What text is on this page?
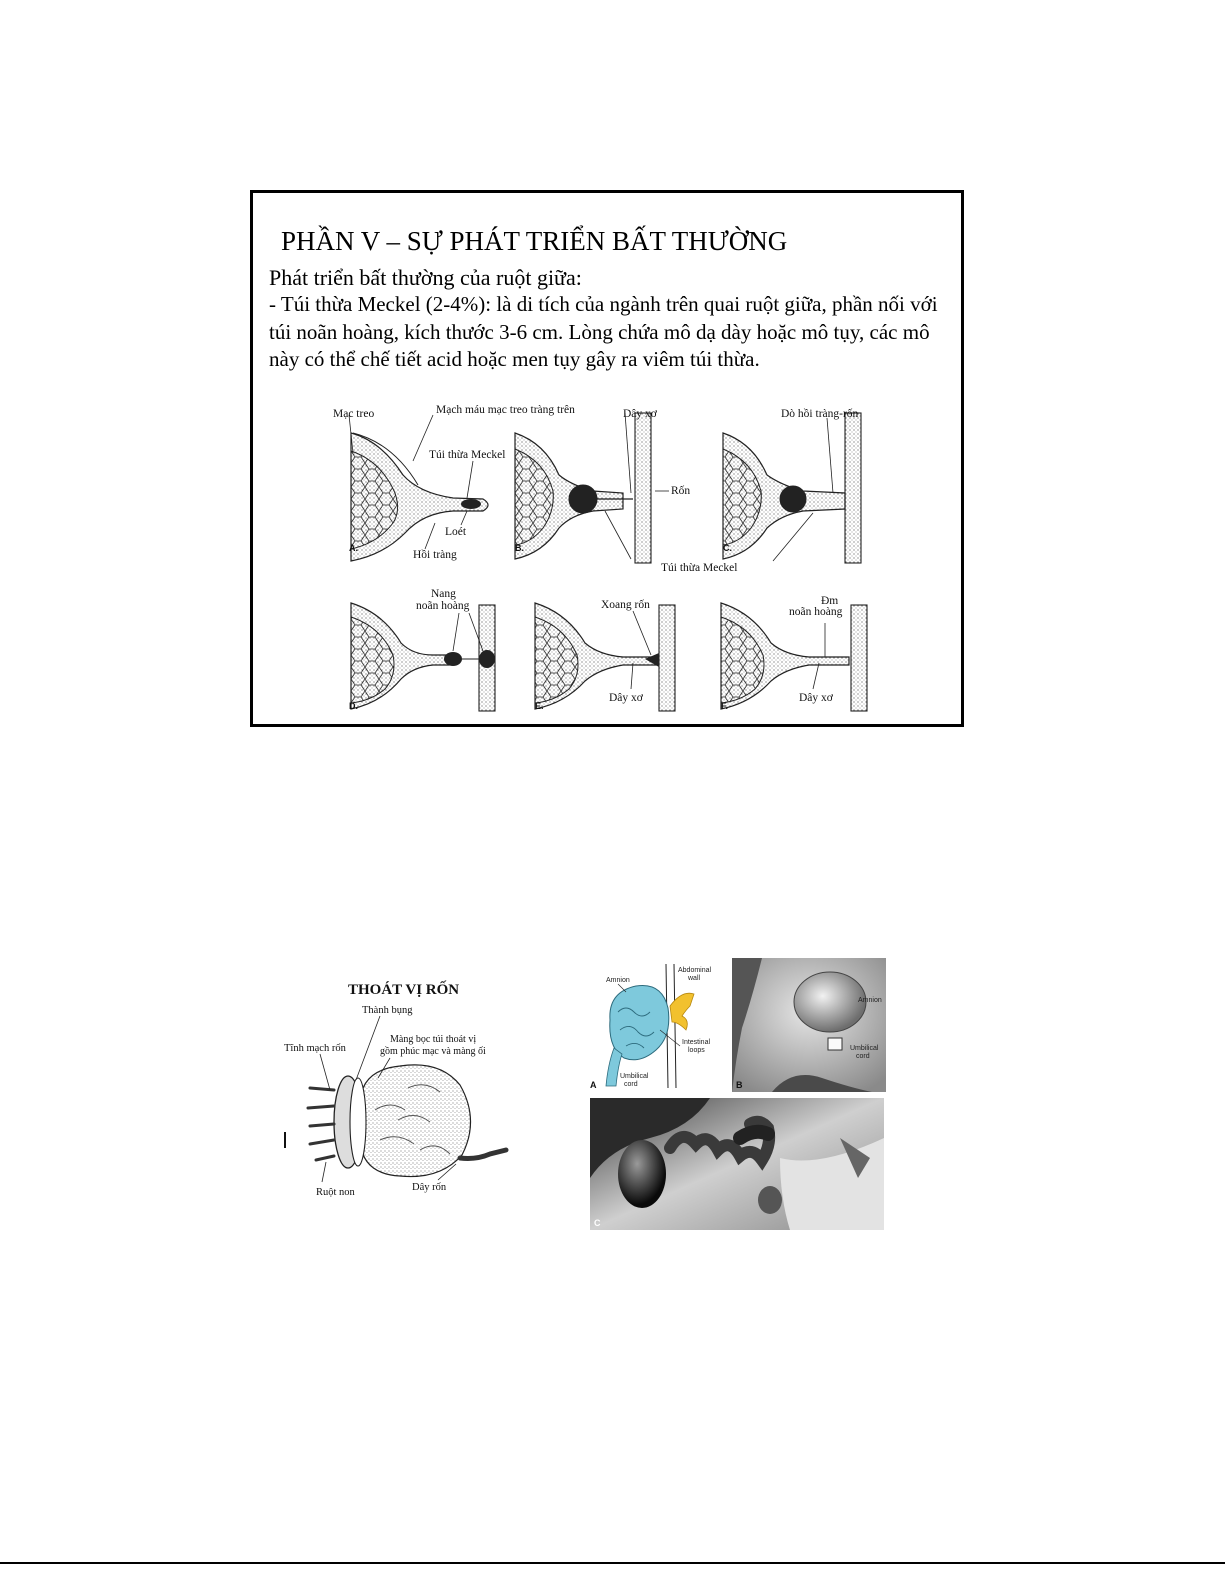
PHẦN V – SỰ PHÁT TRIỂN BẤT THƯỜNG
Phát triển bất thường của ruột giữa:
- Túi thừa Meckel (2-4%): là di tích của ngành trên quai ruột giữa, phần nối với túi noãn hoàng, kích thước 3-6 cm. Lòng chứa mô dạ dày hoặc mô tụy, các mô này có thể chế tiết acid hoặc men tụy gây ra viêm túi thừa.
A.
Mạc treo	Mạch máu mạc treo tràng trên
Túi thừa Meckel
Loét
Hồi tràng
B.
Dây xơ
Rốn
C.
Dò hồi tràng-rốn
Túi thừa Meckel
D.
Nang
noãn hoàng
E.
Xoang rốn
Dây xơ
F.
Đm
noãn hoàng
Dây xơ
THOÁT VỊ RỐN
Thành bụng
Tĩnh mạch rốn
Màng bọc túi thoát vị
gồm phúc mạc và màng ối
Ruột non	Dây rốn
Amnion
Abdominal
wall
Intestinal
loops
Umbilical
cord
A
Amnion
Umbilical
cord
B
C
